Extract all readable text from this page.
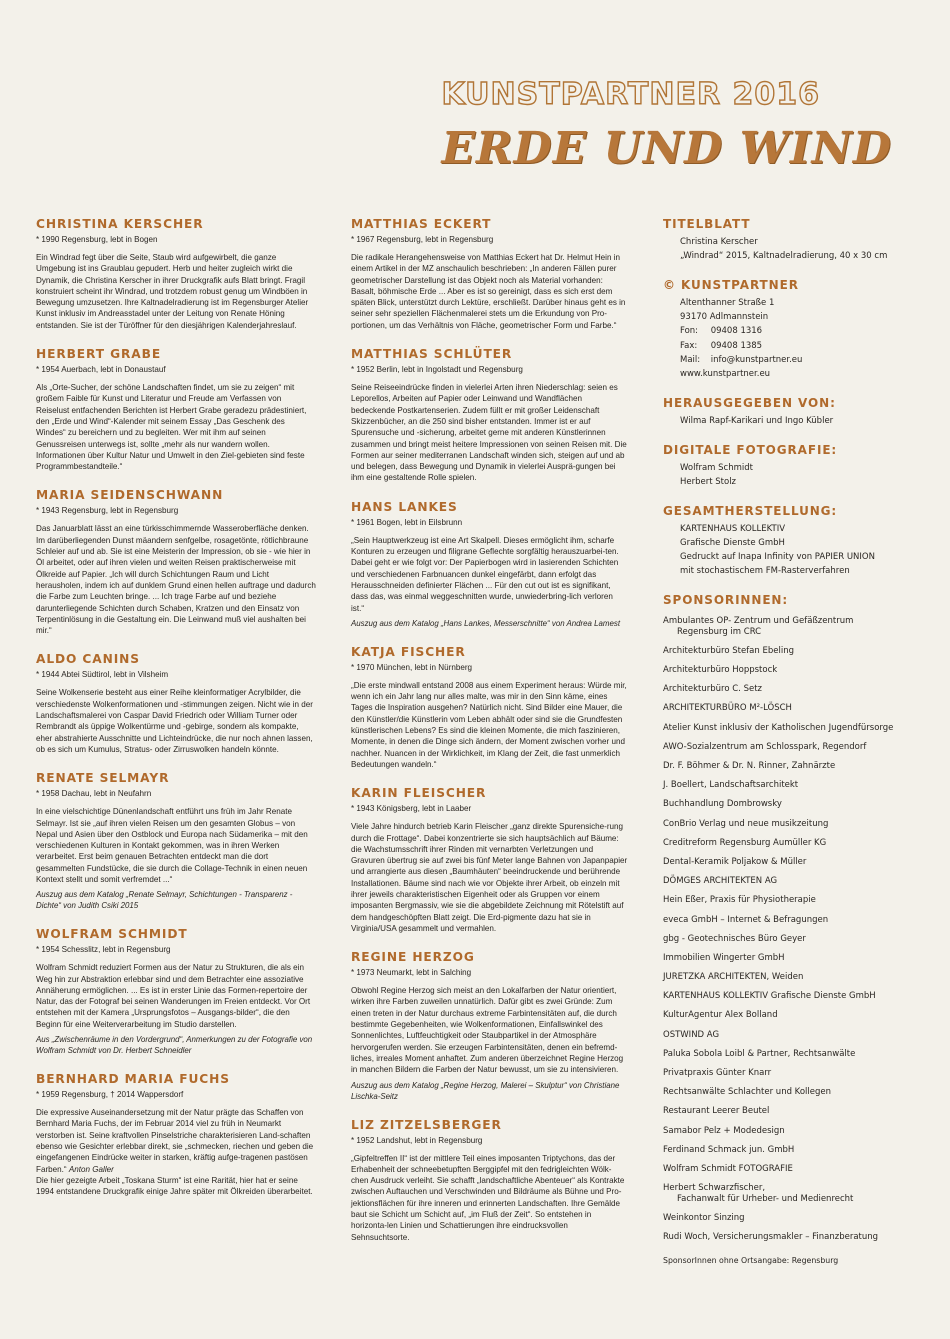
KUNSTPARTNER 2016
ERDE UND WIND
CHRISTINA KERSCHER
* 1990 Regensburg, lebt in Bogen
Ein Windrad fegt über die Seite, Staub wird aufgewirbelt, die ganze Umgebung ist ins Graublau gepudert. Herb und heiter zugleich wirkt die Dynamik, die Christina Kerscher in ihrer Druckgrafik aufs Blatt bringt. Fragil konstruiert scheint ihr Windrad, und trotzdem robust genug um Windböen in Bewegung umzusetzen. Ihre Kaltnadelradierung ist im Regensburger Atelier Kunst inklusiv im Andreasstadel unter der Leitung von Renate Höning entstanden. Sie ist der Türöffner für den diesjährigen Kalenderjahreslauf.
HERBERT GRABE
* 1954 Auerbach, lebt in Donaustauf
Als „Orte-Sucher, der schöne Landschaften findet, um sie zu zeigen“ mit großem Faible für Kunst und Literatur und Freude am Verfassen von Reiselust entfachenden Berichten ist Herbert Grabe geradezu prädestiniert, den „Erde und Wind“-Kalender mit seinem Essay „Das Geschenk des Windes“ zu bereichern und zu begleiten. Wer mit ihm auf seinen Genussreisen unterwegs ist, sollte „mehr als nur wandern wollen. Informationen über Kultur Natur und Umwelt in den Ziel-gebieten sind feste Programmbestandteile.“
MARIA SEIDENSCHWANN
* 1943 Regensburg, lebt in Regensburg
Das Januarblatt lässt an eine türkisschimmernde Wasseroberfläche denken. Im darüberliegenden Dunst mäandern senfgelbe, rosagetönte, rötlichbraune Schleier auf und ab. Sie ist eine Meisterin der Impression, ob sie - wie hier in Öl arbeitet, oder auf ihren vielen und weiten Reisen praktischerweise mit Ölkreide auf Papier. „Ich will durch Schichtungen Raum und Licht herausholen, indem ich auf dunklem Grund einen hellen auftrage und dadurch die Farbe zum Leuchten bringe. ... Ich trage Farbe auf und beziehe darunterliegende Schichten durch Schaben, Kratzen und den Einsatz von Terpentinlösung in die Gestaltung ein. Die Leinwand muß viel aushalten bei mir.“
ALDO CANINS
* 1944 Abtei Südtirol, lebt in Vilsheim
Seine Wolkenserie besteht aus einer Reihe kleinformatiger Acrylbilder, die verschiedenste Wolkenformationen und -stimmungen zeigen. Nicht wie in der Landschaftsmalerei von Caspar David Friedrich oder William Turner oder Rembrandt als üppige Wolkentürme und -gebirge, sondern als kompakte, eher abstrahierte Ausschnitte und Lichteindrücke, die nur noch ahnen lassen, ob es sich um Kumulus, Stratus- oder Zirruswolken handeln könnte.
RENATE SELMAYR
* 1958 Dachau, lebt in Neufahrn
In eine vielschichtige Dünenlandschaft entführt uns früh im Jahr Renate Selmayr. Ist sie „auf ihren vielen Reisen um den gesamten Globus – von Nepal und Asien über den Ostblock und Europa nach Südamerika – mit den verschiedenen Kulturen in Kontakt gekommen, was in ihren Werken verarbeitet. Erst beim genauen Betrachten entdeckt man die dort gesammelten Fundstücke, die sie durch die Collage-Technik in einen neuen Kontext stellt und somit verfremdet ...“
Auszug aus dem Katalog „Renate Selmayr, Schichtungen - Transparenz - Dichte“ von Judith Csiki 2015
WOLFRAM SCHMIDT
* 1954 Schesslitz, lebt in Regensburg
Wolfram Schmidt reduziert Formen aus der Natur zu Strukturen, die als ein Weg hin zur Abstraktion erlebbar sind und dem Betrachter eine assoziative Annäherung ermöglichen. ... Es ist in erster Linie das Formen-repertoire der Natur, das der Fotograf bei seinen Wanderungen im Freien entdeckt. Vor Ort entstehen mit der Kamera „Ursprungsfotos – Ausgangs-bilder“, die den Beginn für eine Weiterverarbeitung im Studio darstellen.
Aus „Zwischenräume in den Vordergrund“, Anmerkungen zu der Fotografie von Wolfram Schmidt von Dr. Herbert Schneidler
BERNHARD MARIA FUCHS
* 1959 Regensburg, † 2014 Wappersdorf
Die expressive Auseinandersetzung mit der Natur prägte das Schaffen von Bernhard Maria Fuchs, der im Februar 2014 viel zu früh in Neumarkt verstorben ist. Seine kraftvollen Pinselstriche charakterisieren Land-schaften ebenso wie Gesichter erlebbar direkt, sie „schmecken, riechen und geben die eingefangenen Eindrücke weiter in starken, kräftig aufge-tragenen pastösen Farben.“ Anton Galler
Die hier gezeigte Arbeit „Toskana Sturm“ ist eine Rarität, hier hat er seine 1994 entstandene Druckgrafik einige Jahre später mit Ölkreiden überarbeitet.
MATTHIAS ECKERT
* 1967 Regensburg, lebt in Regensburg
Die radikale Herangehensweise von Matthias Eckert hat Dr. Helmut Hein in einem Artikel in der MZ anschaulich beschrieben: „In anderen Fällen purer geometrischer Darstellung ist das Objekt noch als Material vorhanden: Basalt, böhmische Erde ... Aber es ist so gereinigt, dass es sich erst dem späten Blick, unterstützt durch Lektüre, erschließt. Darüber hinaus geht es in seiner sehr speziellen Flächenmalerei stets um die Erkundung von Pro-portionen, um das Verhältnis von Fläche, geometrischer Form und Farbe.“
MATTHIAS SCHLÜTER
* 1952 Berlin, lebt in Ingolstadt und Regensburg
Seine Reiseeindrücke finden in vielerlei Arten ihren Niederschlag: seien es Leporellos, Arbeiten auf Papier oder Leinwand und Wandflächen bedeckende Postkartenserien. Zudem füllt er mit großer Leidenschaft Skizzenbücher, an die 250 sind bisher entstanden. Immer ist er auf Spurensuche und -sicherung, arbeitet gerne mit anderen Künstlerinnen zusammen und bringt meist heitere Impressionen von seinen Reisen mit. Die Formen aur seiner mediterranen Landschaft winden sich, steigen auf und ab und belegen, dass Bewegung und Dynamik in vielerlei Ausprä-gungen bei ihm eine gestaltende Rolle spielen.
HANS LANKES
* 1961 Bogen, lebt in Eilsbrunn
„Sein Hauptwerkzeug ist eine Art Skalpell. Dieses ermöglicht ihm, scharfe Konturen zu erzeugen und filigrane Geflechte sorgfältig herauszuarbei-ten. Dabei geht er wie folgt vor: Der Papierbogen wird in lasierenden Schichten und verschiedenen Farbnuancen dunkel eingefärbt, dann erfolgt das Herausschneiden definierter Flächen ... Für den cut out ist es signifikant, dass das, was einmal weggeschnitten wurde, unwiederbring-lich verloren ist.“
Auszug aus dem Katalog „Hans Lankes, Messerschnitte“ von Andrea Lamest
KATJA FISCHER
* 1970 München, lebt in Nürnberg
„Die erste mindwall entstand 2008 aus einem Experiment heraus: Würde mir, wenn ich ein Jahr lang nur alles malte, was mir in den Sinn käme, eines Tages die Inspiration ausgehen? Natürlich nicht. Sind Bilder eine Mauer, die den Künstler/die Künstlerin vom Leben abhält oder sind sie die Grundfesten künstlerischen Lebens? Es sind die kleinen Momente, die mich faszinieren, Momente, in denen die Dinge sich ändern, der Moment zwischen vorher und nachher. Nuancen in der Wirklichkeit, im Klang der Zeit, die fast unmerklich Bedeutungen wandeln.“
KARIN FLEISCHER
* 1943 Königsberg, lebt in Laaber
Viele Jahre hindurch betrieb Karin Fleischer „ganz direkte Spurensiche-rung durch die Frottage“. Dabei konzentrierte sie sich hauptsächlich auf Bäume: die Wachstumsschrift ihrer Rinden mit vernarbten Verletzungen und Gravuren übertrug sie auf zwei bis fünf Meter lange Bahnen von Japanpapier und arrangierte aus diesen „Baumhäuten“ beeindruckende und berührende Installationen. Bäume sind nach wie vor Objekte ihrer Arbeit, ob einzeln mit ihrer jeweils charakteristischen Eigenheit oder als Gruppen vor einem imposanten Bergmassiv, wie sie die abgebildete Zeichnung mit Rötelstift auf dem handgeschöpften Blatt zeigt. Die Erd-pigmente dazu hat sie in Virginia/USA gesammelt und vermahlen.
REGINE HERZOG
* 1973 Neumarkt, lebt in Salching
Obwohl Regine Herzog sich meist an den Lokalfarben der Natur orientiert, wirken ihre Farben zuweilen unnatürlich. Dafür gibt es zwei Gründe: Zum einen treten in der Natur durchaus extreme Farbintensitäten auf, die durch bestimmte Gegebenheiten, wie Wolkenformationen, Einfallswinkel des Sonnenlichtes, Luftfeuchtigkeit oder Staubpartikel in der Atmosphäre hervorgerufen werden. Sie erzeugen Farbintensitäten, denen ein befremd-liches, irreales Moment anhaftet. Zum anderen überzeichnet Regine Herzog in manchen Bildern die Farben der Natur bewusst, um sie zu intensivieren.
Auszug aus dem Katalog „Regine Herzog, Malerei – Skulptur“ von Christiane Lischka-Seitz
LIZ ZITZELSBERGER
* 1952 Landshut, lebt in Regensburg
„Gipfeltreffen II“ ist der mittlere Teil eines imposanten Triptychons, das der Erhabenheit der schneebetupften Berggipfel mit den fedrigleichten Wölk-chen Ausdruck verleiht. Sie schafft „landschaftliche Abenteuer“ als Kontrakte zwischen Auftauchen und Verschwinden und Bildräume als Bühne und Pro-jektionsflächen für ihre inneren und erinnerten Landschaften. Ihre Gemälde baut sie Schicht um Schicht auf, „im Fluß der Zeit“. So entstehen in horizonta-len Linien und Schattierungen ihre eindrucksvollen Sehnsuchtsorte.
TITELBLATT
Christina Kerscher
„Windrad“ 2015, Kaltnadelradierung, 40 x 30 cm
© KUNSTPARTNER
Altenthanner Straße 1
93170 Adlmannstein
Fon: 09408 1316
Fax: 09408 1385
Mail: info@kunstpartner.eu
www.kunstpartner.eu
HERAUSGEGEBEN VON:
Wilma Rapf-Karikari und Ingo Kübler
DIGITALE FOTOGRAFIE:
Wolfram Schmidt
Herbert Stolz
GESAMTHERSTELLUNG:
KARTENHAUS KOLLEKTIV
Grafische Dienste GmbH
Gedruckt auf Inapa Infinity von PAPIER UNION
mit stochastischem FM-Rasterverfahren
SPONSORINNEN:
Ambulantes OP- Zentrum und Gefäßzentrum
Regensburg im CRC
Architekturbüro Stefan Ebeling
Architekturbüro Hoppstock
Architekturbüro C. Setz
ARCHITEKTURBÜRO M²-LÖSCH
Atelier Kunst inklusiv der Katholischen Jugendfürsorge
AWO-Sozialzentrum am Schlosspark, Regendorf
Dr. F. Böhmer & Dr. N. Rinner, Zahnärzte
J. Boellert, Landschaftsarchitekt
Buchhandlung Dombrowsky
ConBrio Verlag und neue musikzeitung
Creditreform Regensburg Aumüller KG
Dental-Keramik Poljakow & Müller
DÖMGES ARCHITEKTEN AG
Hein Eßer, Praxis für Physiotherapie
eveca GmbH – Internet & Befragungen
gbg - Geotechnisches Büro Geyer
Immobilien Wingerter GmbH
JURETZKA ARCHITEKTEN, Weiden
KARTENHAUS KOLLEKTIV Grafische Dienste GmbH
KulturAgentur Alex Bolland
OSTWIND AG
Paluka Sobola Loibl & Partner, Rechtsanwälte
Privatpraxis Günter Knarr
Rechtsanwälte Schlachter und Kollegen
Restaurant Leerer Beutel
Samabor Pelz + Modedesign
Ferdinand Schmack jun. GmbH
Wolfram Schmidt FOTOGRAFIE
Herbert Schwarzfischer,
Fachanwalt für Urheber- und Medienrecht
Weinkontor Sinzing
Rudi Woch, Versicherungsmakler – Finanzberatung
SponsorInnen ohne Ortsangabe: Regensburg
